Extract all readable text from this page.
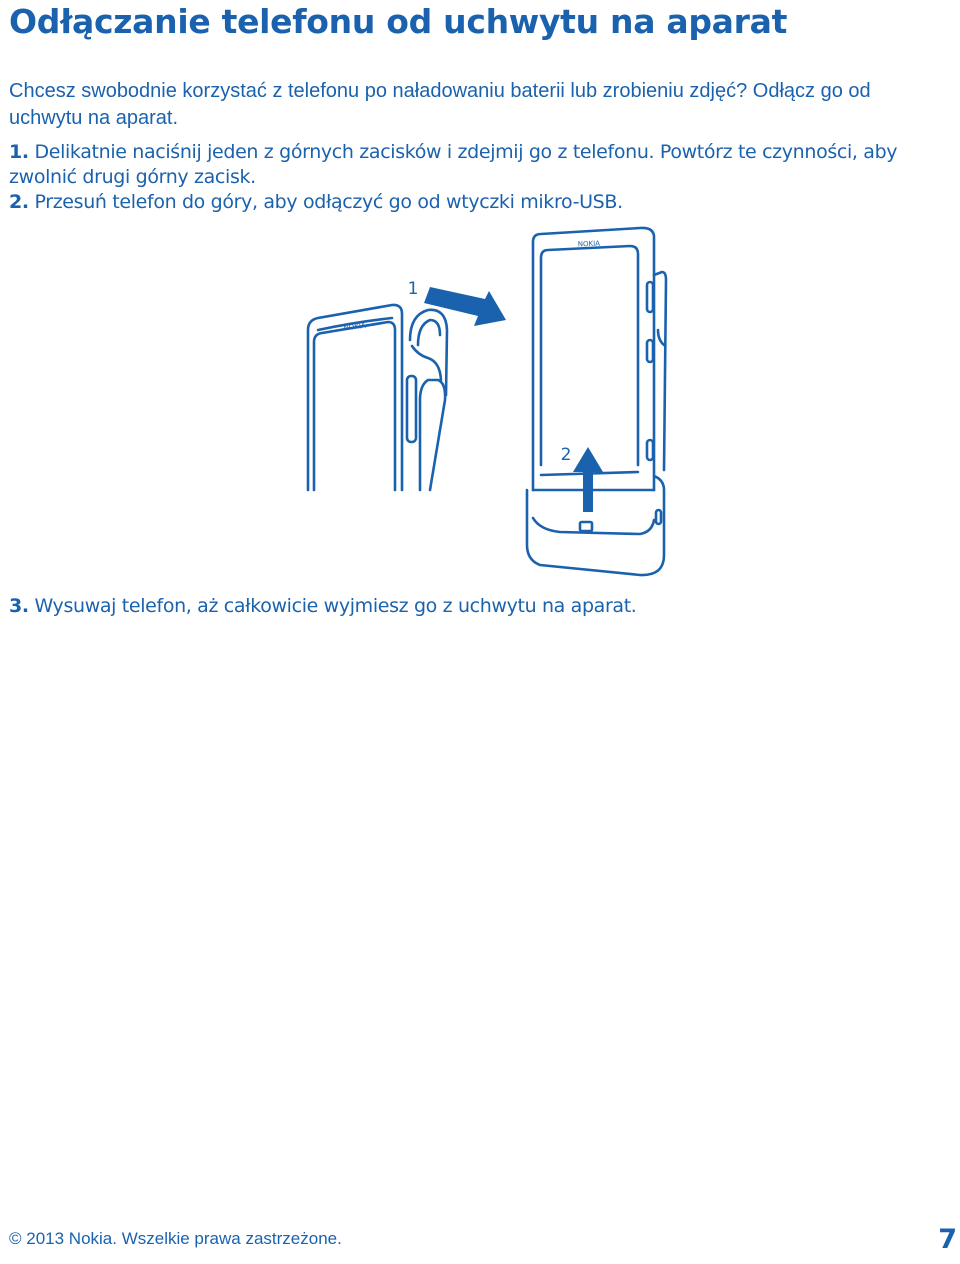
Odłączanie telefonu od uchwytu na aparat

Chcesz swobodnie korzystać z telefonu po naładowaniu baterii lub zrobieniu zdjęć? Odłącz go od uchwytu na aparat.

1. Delikatnie naciśnij jeden z górnych zacisków i zdejmij go z telefonu. Powtórz te czynności, aby zwolnić drugi górny zacisk.

2. Przesuń telefon do góry, aby odłączyć go od wtyczki mikro-USB.

NOKIA
NOKIA
1
2

3. Wysuwaj telefon, aż całkowicie wyjmiesz go z uchwytu na aparat.

© 2013 Nokia. Wszelkie prawa zastrzeżone.	7
